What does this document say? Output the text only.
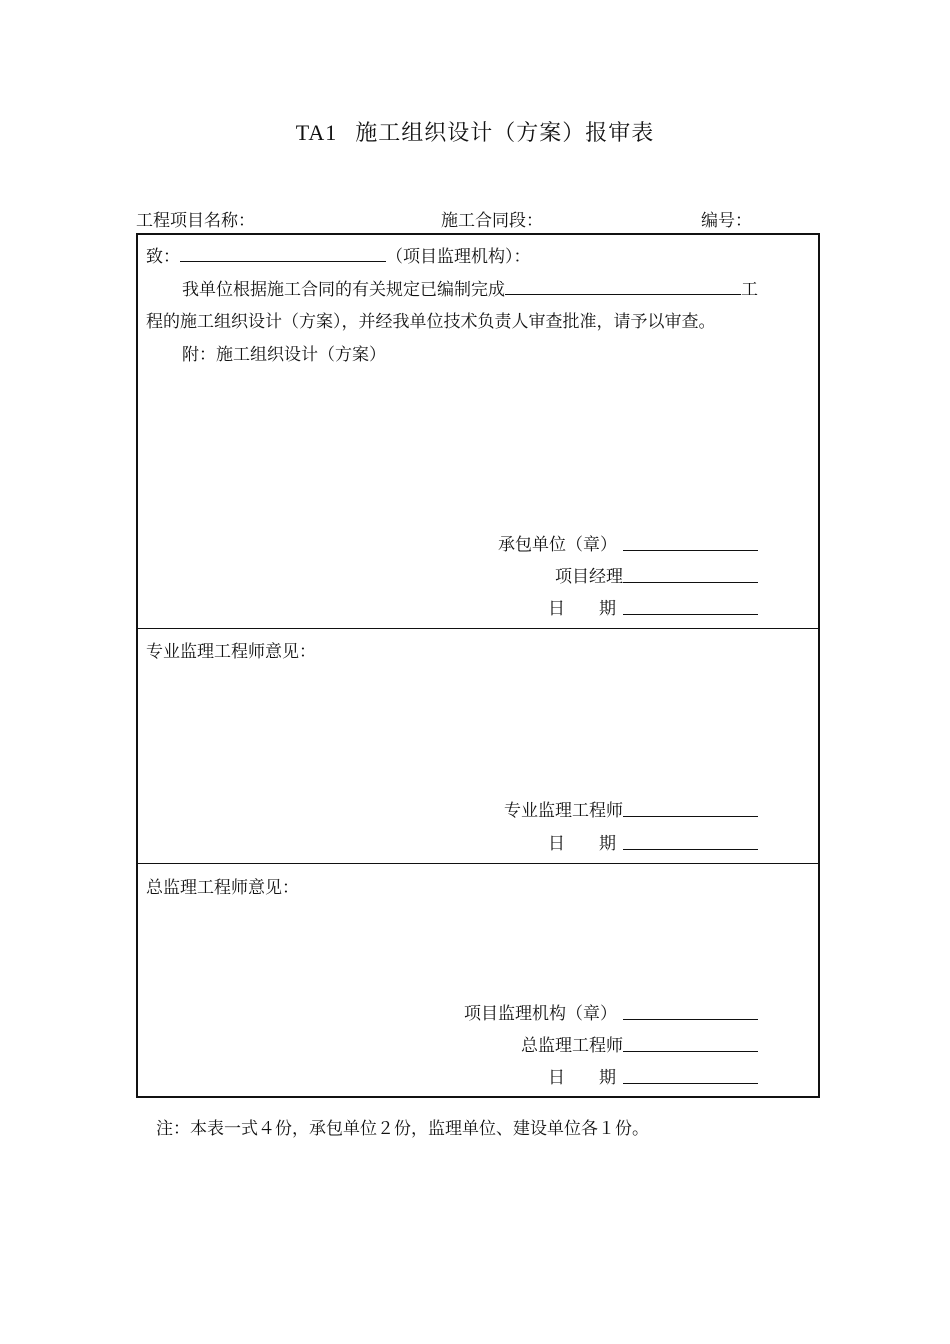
TA1 施工组织设计（方案）报审表
工程项目名称：	施工合同段：	编号：
致：	（项目监理机构）：
我单位根据施工合同的有关规定已编制完成	工
程的施工组织设计（方案），并经我单位技术负责人审查批准，请予以审查。
附：施工组织设计（方案）
承包单位（章）
项目经理
日　　期
专业监理工程师意见：
专业监理工程师
日　　期
总监理工程师意见：
项目监理机构（章）
总监理工程师
日　　期
注：本表一式４份，承包单位２份，监理单位、建设单位各１份。
